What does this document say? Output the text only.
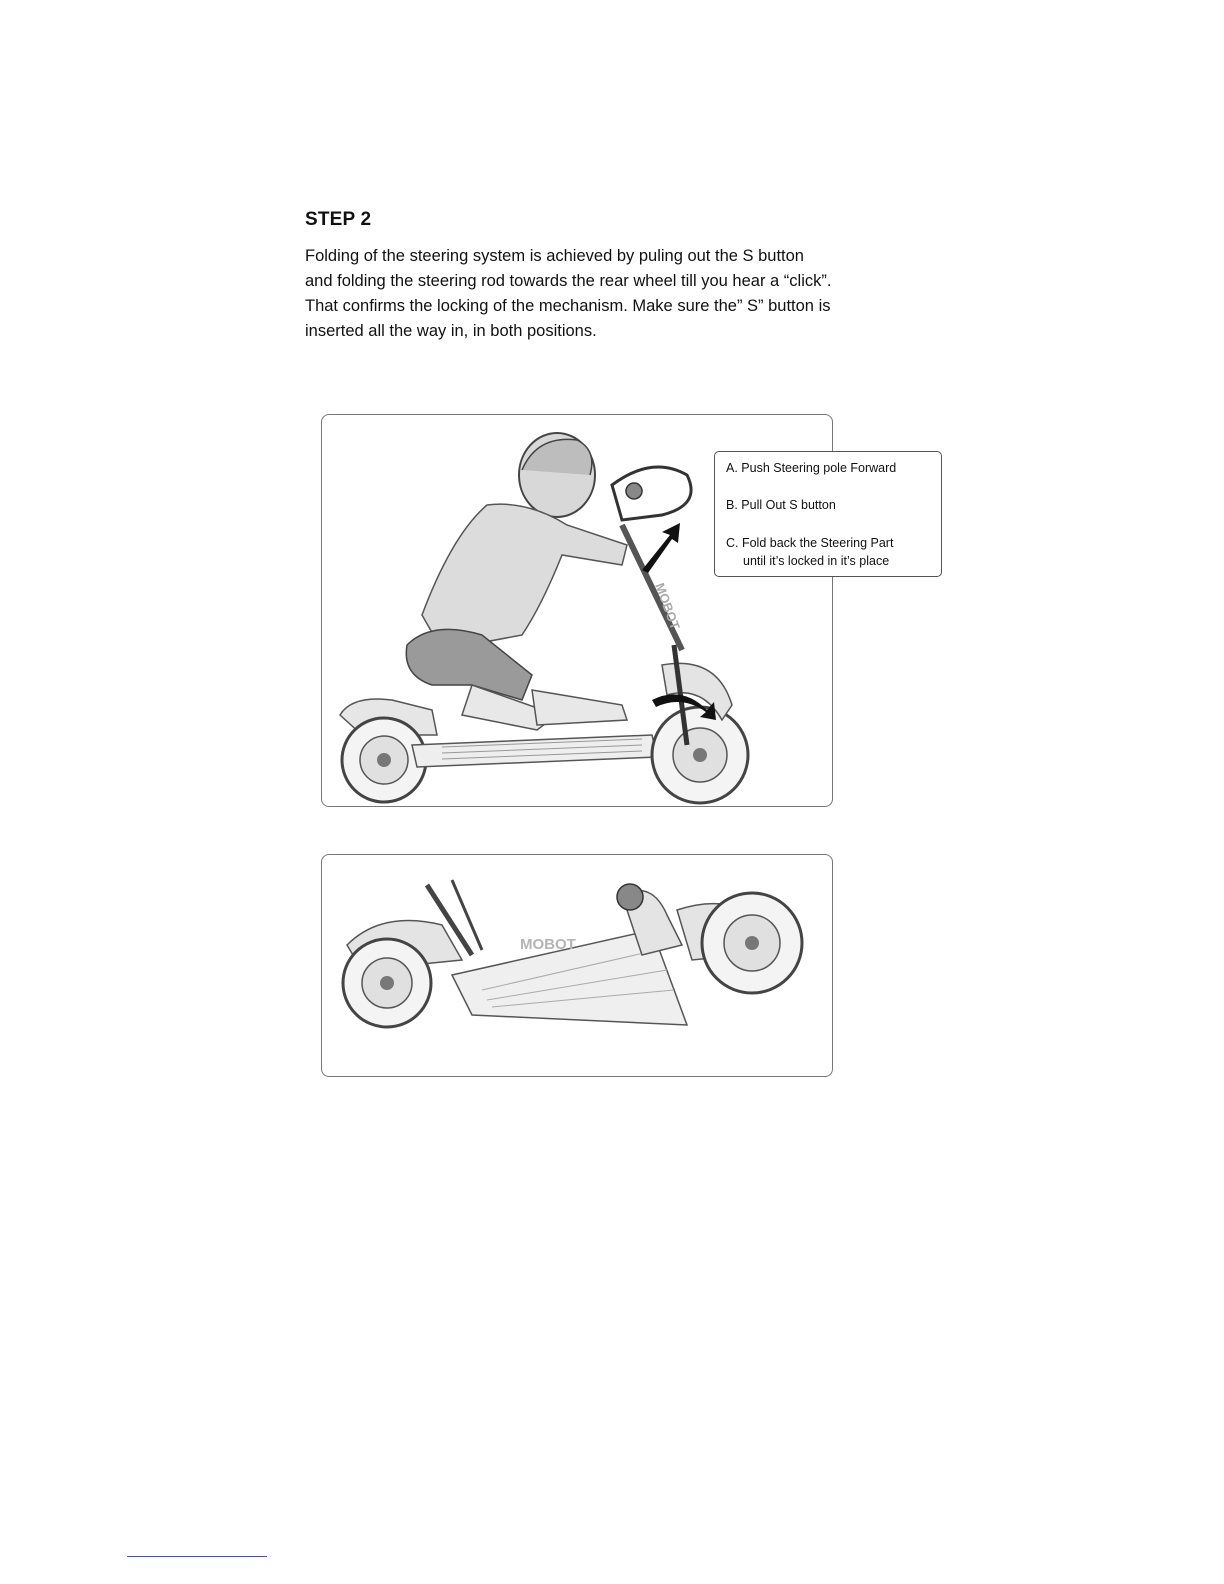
STEP 2

Folding of the steering system is achieved by puling out the S button
and folding the steering rod towards the rear wheel till you hear a “click”.
That confirms the locking of the mechanism. Make sure the” S” button is
inserted all the way in, in both positions.

MOBOT
A. Push Steering pole Forward
B. Pull Out S button
C. Fold back the Steering Part
until it’s locked in it’s place
MOBOT
